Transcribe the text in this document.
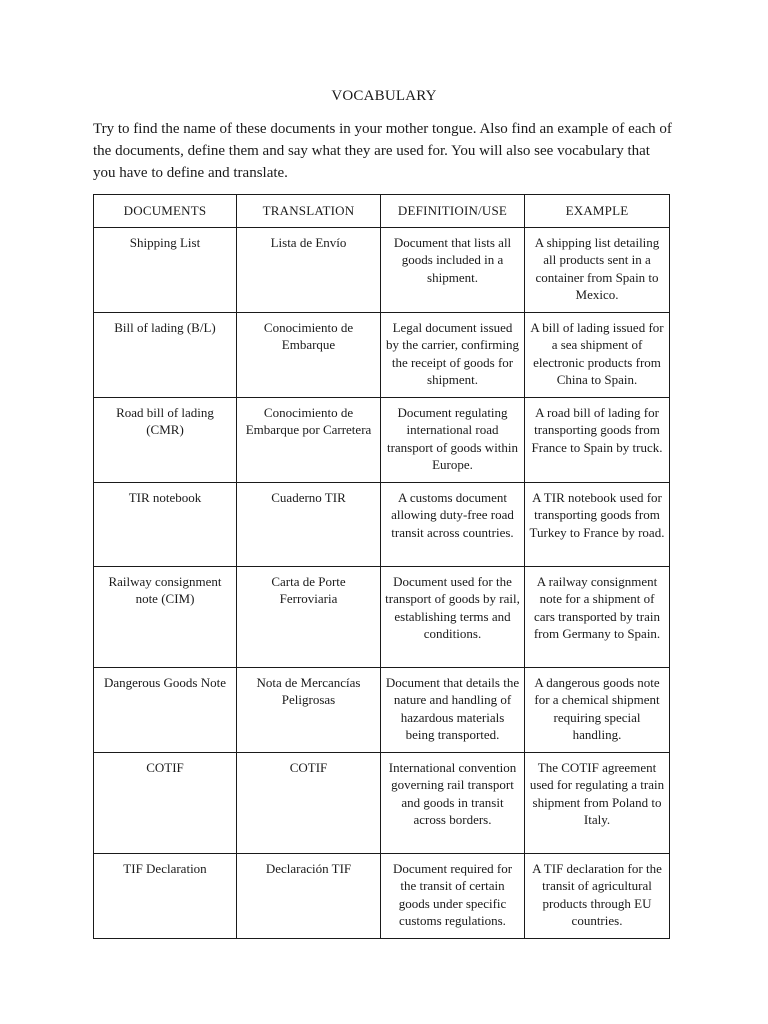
VOCABULARY
Try to find the name of these documents in your mother tongue. Also find an example of each of the documents, define them and say what they are used for. You will also see vocabulary that you have to define and translate.
DOCUMENTS	TRANSLATION	DEFINITIOIN/USE	EXAMPLE
Shipping List	Lista de Envío	Document that lists all goods included in a shipment.	A shipping list detailing all products sent in a container from Spain to Mexico.
Bill of lading (B/L)	Conocimiento de Embarque	Legal document issued by the carrier, confirming the receipt of goods for shipment.	A bill of lading issued for a sea shipment of electronic products from China to Spain.
Road bill of lading (CMR)	Conocimiento de Embarque por Carretera	Document regulating international road transport of goods within Europe.	A road bill of lading for transporting goods from France to Spain by truck.
TIR notebook	Cuaderno TIR	A customs document allowing duty-free road transit across countries.	A TIR notebook used for transporting goods from Turkey to France by road.
Railway consignment note (CIM)	Carta de Porte Ferroviaria	Document used for the transport of goods by rail, establishing terms and conditions.	A railway consignment note for a shipment of cars transported by train from Germany to Spain.
Dangerous Goods Note	Nota de Mercancías Peligrosas	Document that details the nature and handling of hazardous materials being transported.	A dangerous goods note for a chemical shipment requiring special handling.
COTIF	COTIF	International convention governing rail transport and goods in transit across borders.	The COTIF agreement used for regulating a train shipment from Poland to Italy.
TIF Declaration	Declaración TIF	Document required for the transit of certain goods under specific customs regulations.	A TIF declaration for the transit of agricultural products through EU countries.
